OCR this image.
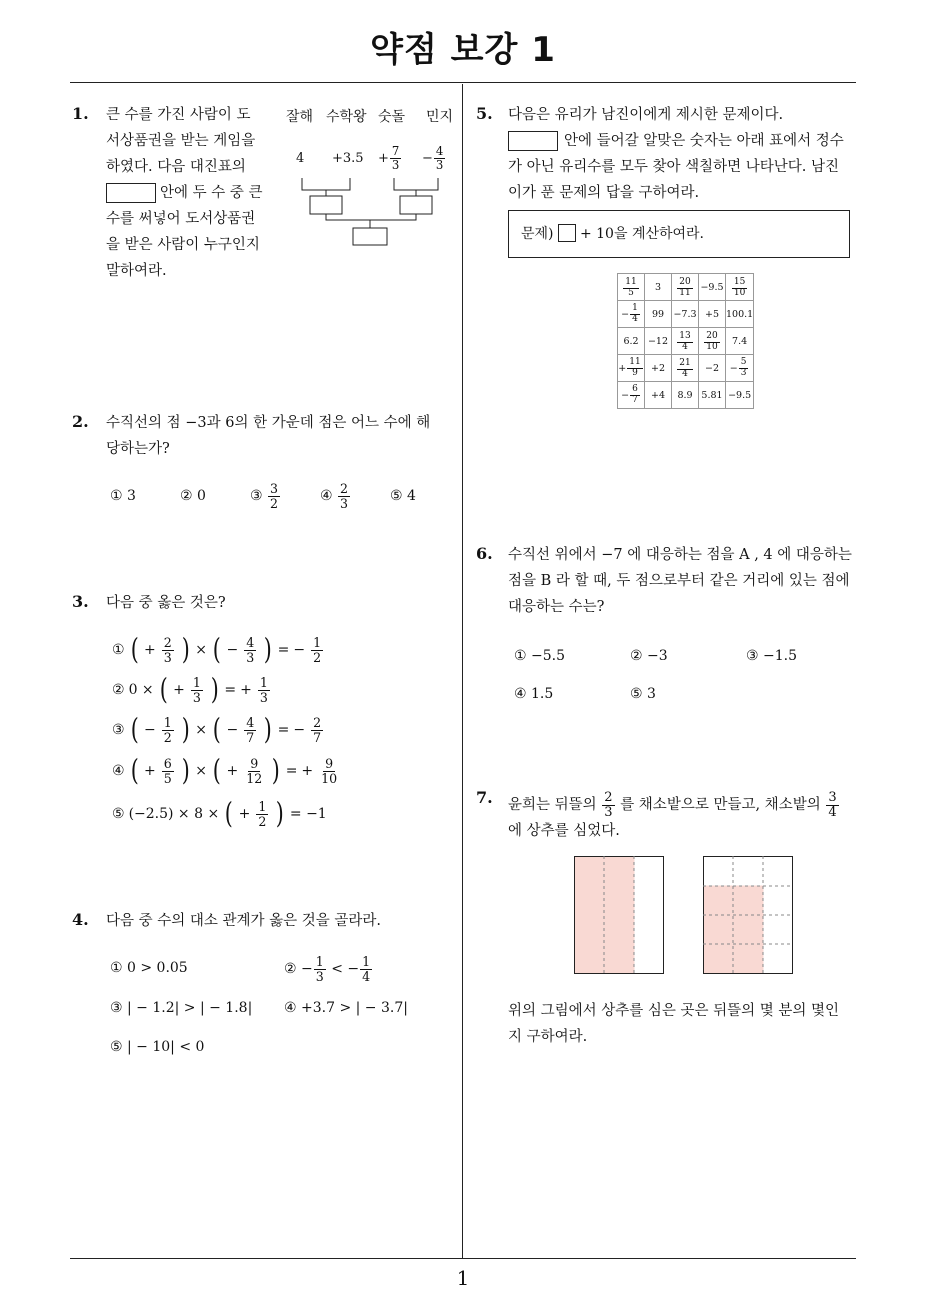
약점 보강 1
1
1. 큰 수를 가진 사람이 도
서상품권을 받는 게임을
하였다. 다음 대진표의
안에 두 수 중 큰
수를 써넣어 도서상품권
을 받은 사람이 누구인지
말하여라.
잘해 수학왕 숫돌 민지
$4 +3.5 + \frac{7}{3} - \frac{4}{3}$
2. 수직선의 점 −3과 6의 한 가운데 점은 어느 수에 해
당하는가?
① 3	② 0	③
$\frac{3}{2}$	④
$\frac{2}{3}$	⑤ 4
3. 다음 중 옳은 것은?
① ( + $\frac{2}{3}$ ) × ( − $\frac{4}{3}$ ) = − $\frac{1}{2}$
② 0 × ( + $\frac{1}{3}$ ) = + $\frac{1}{3}$
③ ( − $\frac{1}{2}$ ) × ( − $\frac{4}{7}$ ) = − $\frac{2}{7}$
④ ( + $\frac{6}{5}$ ) × ( + $\frac{9}{12}$ ) = + $\frac{9}{10}$
⑤ (−2.5) × 8 × ( + $\frac{1}{2}$ ) = −1
4. 다음 중 수의 대소 관계가 옳은 것을 골라라.
① 0 > 0.05	②
− $\frac{1}{3}$
<
− $\frac{1}{4}$
③ | − 1.2| > | − 1.8| ④ +3.7 > | − 3.7|
⑤ | − 10| < 0
5. 다음은 유리가 남진이에게 제시한 문제이다.
안에 들어갈 알맞은 숫자는 아래 표에서 정수
가 아닌 유리수를 모두 찾아 색칠하면 나타난다. 남진
이가 푼 문제의 답을 구하여라.
문제)
+ 10을 계산하여라.
$\frac{11}{5}$	3	$\frac{20}{11}$	−9.5	$\frac{15}{10}$

− $\frac{1}{4}$	99	−7.3	+5	100.1
6.2	−12	$\frac{13}{4}$	$\frac{20}{10}$	7.4

+ $\frac{11}{9}$	+2	$\frac{21}{4}$	−2	− $\frac{5}{3}$

− $\frac{6}{7}$	+4	8.9	5.81	−9.5
6. 수직선 위에서 −7 에 대응하는 점을 A , 4 에 대응하는
점을 B 라 할 때, 두 점으로부터 같은 거리에 있는 점에
대응하는 수는?
① −5.5	② −3	③ −1.5
④ 1.5	⑤ 3
7. 윤희는 뒤뜰의
$\frac{2}{3}$
를 채소밭으로 만들고, 채소밭의
$\frac{3}{4}$
에 상추를 심었다.
위의 그림에서 상추를 심은 곳은 뒤뜰의 몇 분의 몇인
지 구하여라.
